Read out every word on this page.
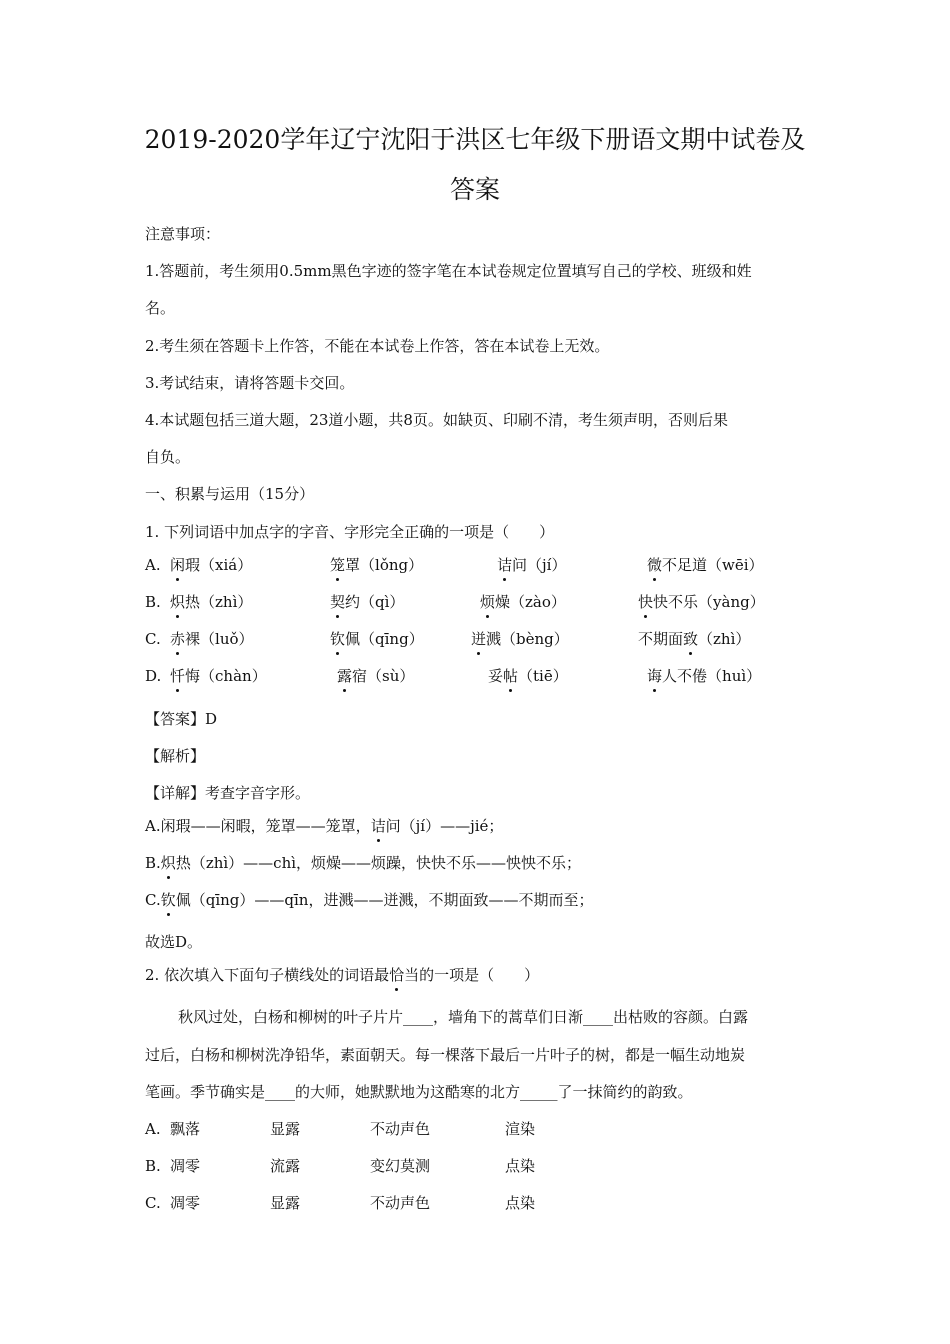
2019-2020学年辽宁沈阳于洪区七年级下册语文期中试卷及
答案
注意事项：
1.答题前，考生须用0.5mm黑色字迹的签字笔在本试卷规定位置填写自己的学校、班级和姓
名。
2.考生须在答题卡上作答，不能在本试卷上作答，答在本试卷上无效。
3.考试结束，请将答题卡交回。
4.本试题包括三道大题，23道小题，共8页。如缺页、印刷不清，考生须声明，否则后果
自负。
一、积累与运用（15分）
1. 下列词语中加点字的字音、字形完全正确的一项是（　　）
A. 闲瑕（xiá）	笼罩（lǒng）	诘问（jí）	微不足道（wēi）
B. 炽热（zhì）	契约（qì）	烦燥（zào）	快快不乐（yàng）
C. 赤裸（luǒ）	钦佩（qīng）	迸溅（bèng）	不期面致（zhì）
D. 忏悔（chàn）	露宿（sù）	妥帖（tiē）	诲人不倦（huì）
【答案】D
【解析】
【详解】考查字音字形。
A.闲瑕——闲暇，笼罩——笼罩，诘问（jí）——jié；
B.炽热（zhì）——chì，烦燥——烦躁，快快不乐——怏怏不乐；
C.钦佩（qīng）——qīn，进溅——迸溅，不期面致——不期而至；
故选D。
2. 依次填入下面句子横线处的词语最恰当的一项是（　　）
秋风过处，白杨和柳树的叶子片片____，墙角下的蒿草们日渐____出枯败的容颜。白露
过后，白杨和柳树洗净铅华，素面朝天。每一棵落下最后一片叶子的树，都是一幅生动地炭
笔画。季节确实是____的大师，她默默地为这酷寒的北方_____了一抹简约的韵致。
A. 飘落	显露	不动声色	渲染
B. 凋零	流露	变幻莫测	点染
C. 凋零	显露	不动声色	点染
